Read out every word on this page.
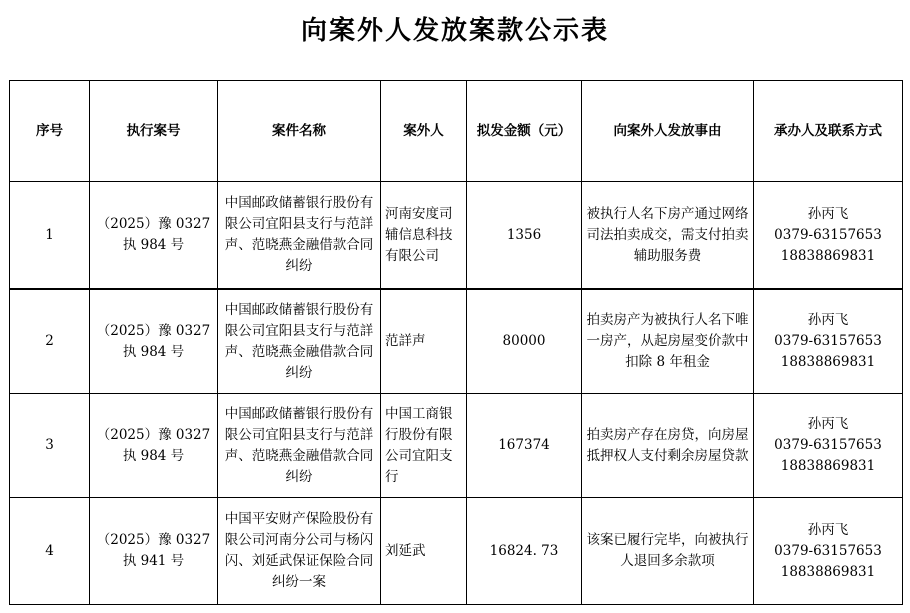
向案外人发放案款公示表
序号	执行案号	案件名称	案外人	拟发金额（元）	向案外人发放事由	承办人及联系方式
1	（2025）豫 0327 执 984 号	中国邮政储蓄银行股份有限公司宜阳县支行与范詳声、范晓燕金融借款合同纠纷	河南安度司辅信息科技有限公司	1356	被执行人名下房产通过网络司法拍卖成交，需支付拍卖辅助服务费	孙丙飞
0379-63157653
18838869831

2	（2025）豫 0327 执 984 号	中国邮政储蓄银行股份有限公司宜阳县支行与范詳声、范晓燕金融借款合同纠纷	范詳声	80000	拍卖房产为被执行人名下唯一房产，从起房屋变价款中扣除 8 年租金	孙丙飞
0379-63157653
18838869831

3	（2025）豫 0327 执 984 号	中国邮政储蓄银行股份有限公司宜阳县支行与范詳声、范晓燕金融借款合同纠纷	中国工商银行股份有限公司宜阳支行	167374	拍卖房产存在房贷，向房屋抵押权人支付剩余房屋贷款	孙丙飞
0379-63157653
18838869831

4	（2025）豫 0327 执 941 号	中国平安财产保险股份有限公司河南分公司与杨闪闪、刘延武保证保险合同纠纷一案	刘延武	16824. 73	该案已履行完毕，向被执行人退回多余款项	孙丙飞
0379-63157653
18838869831
